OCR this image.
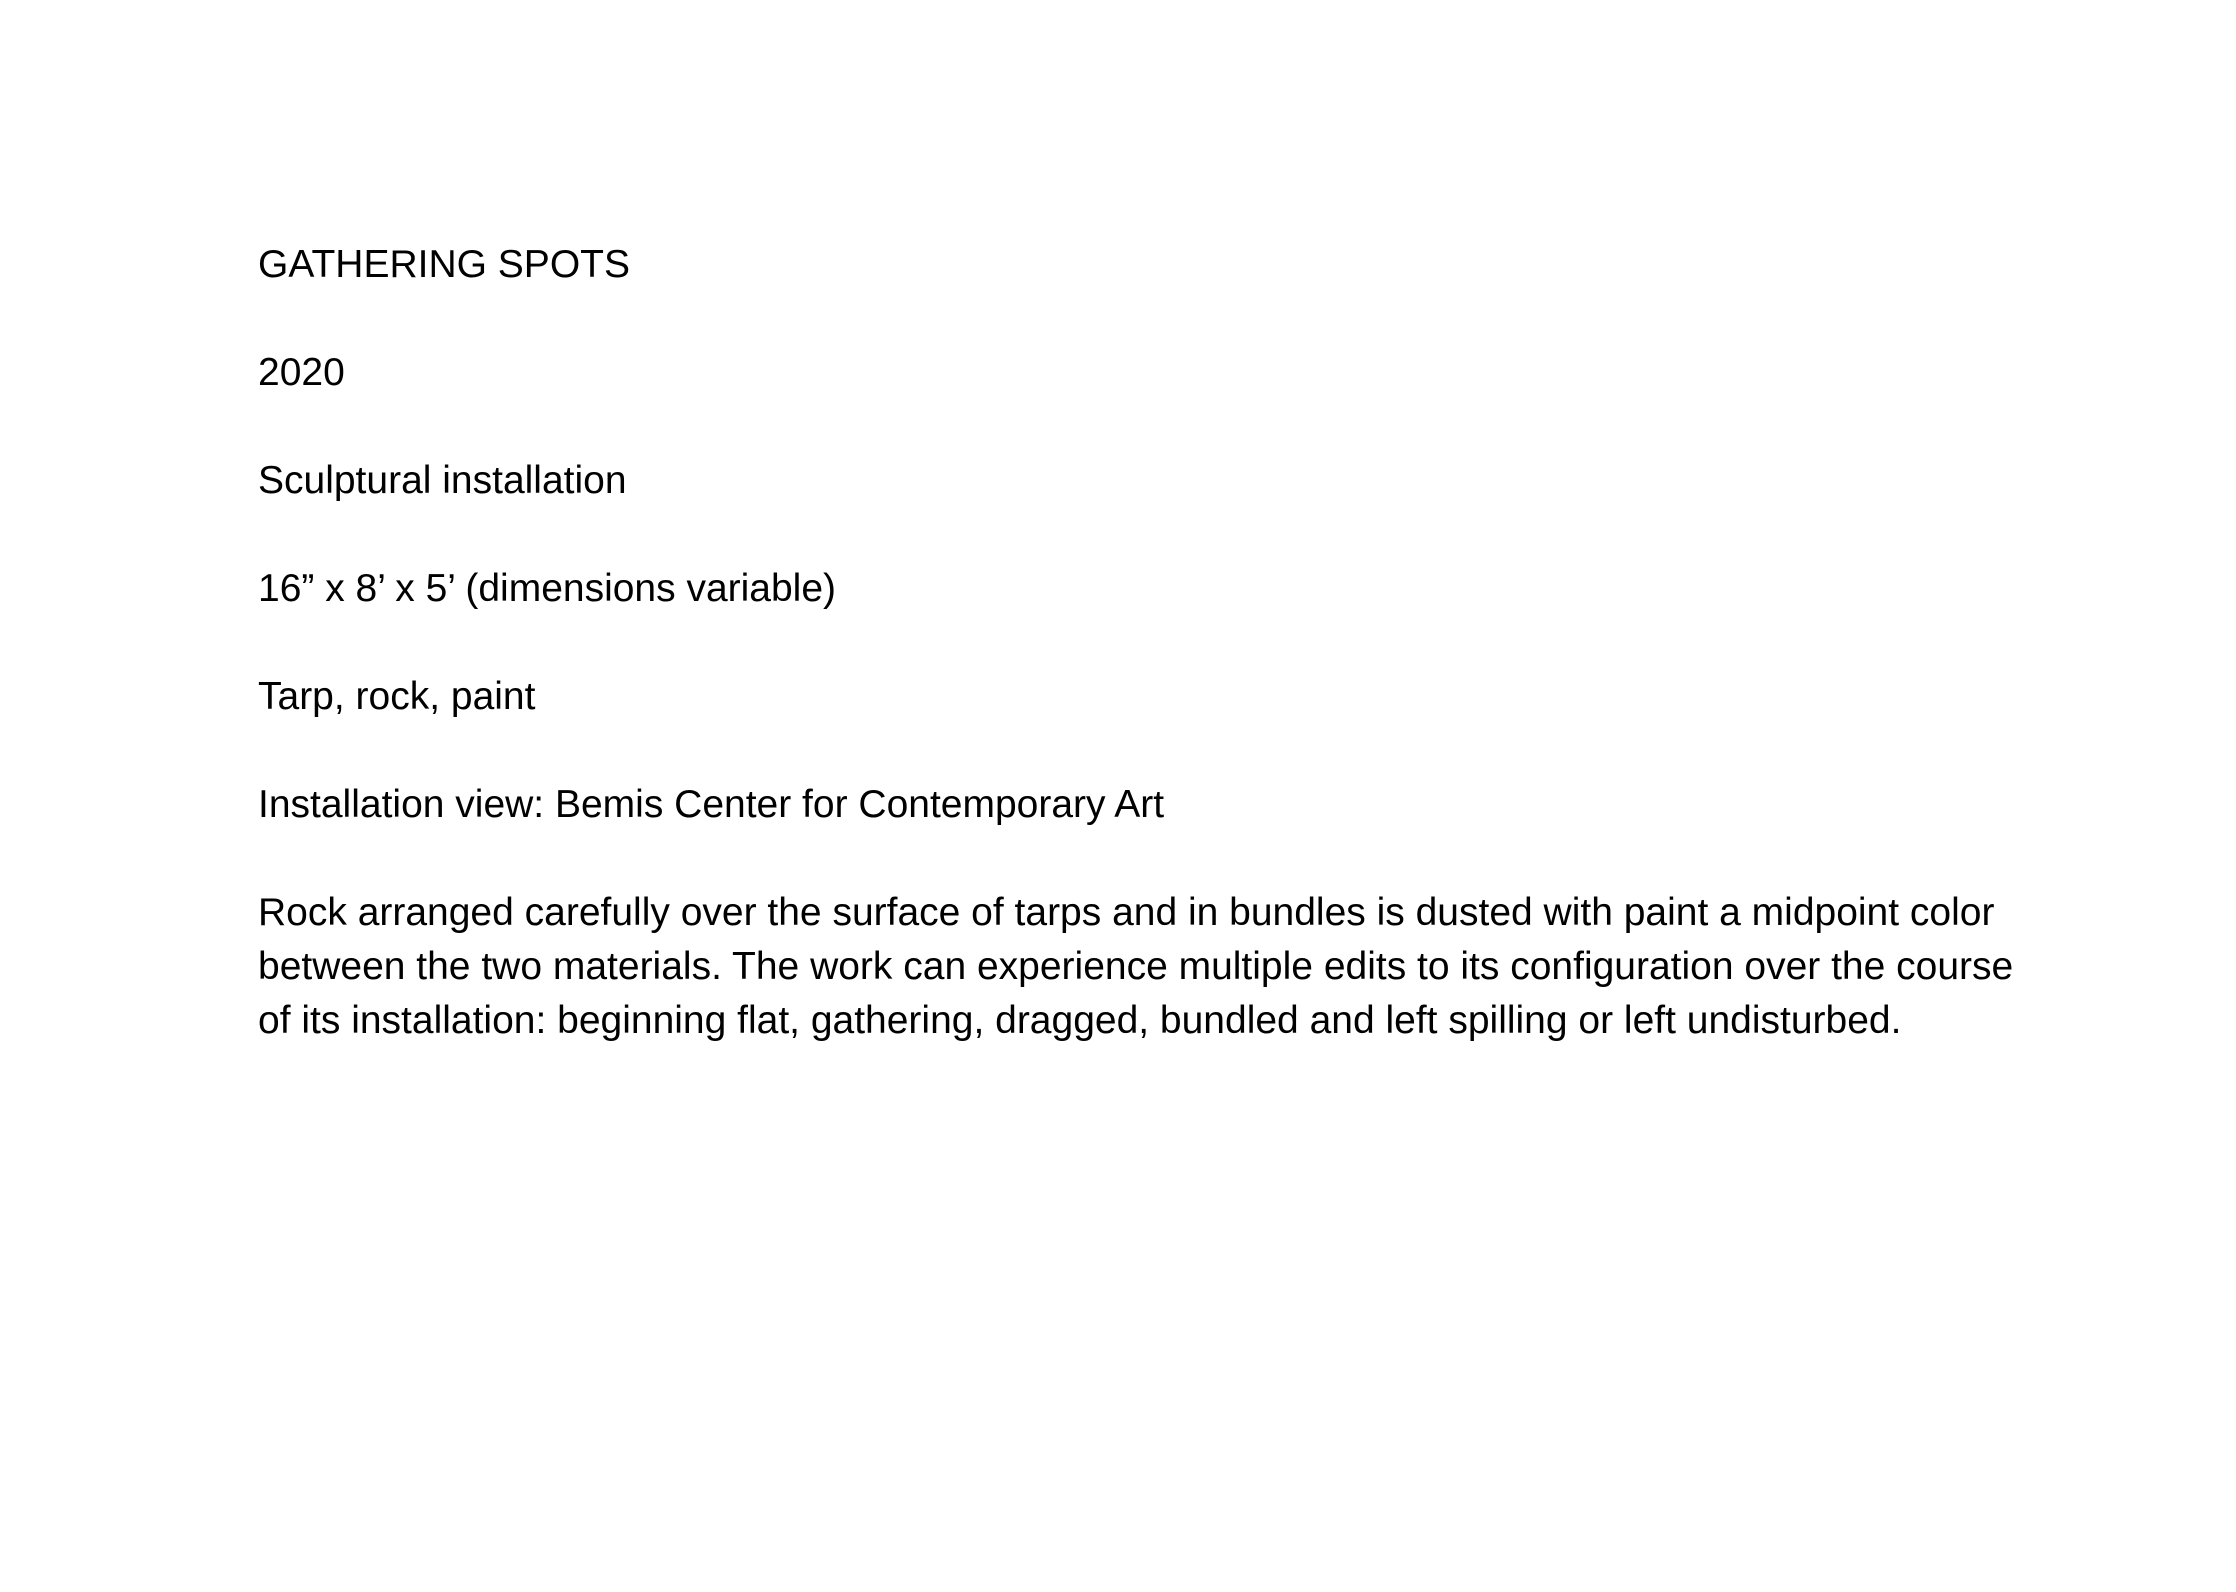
GATHERING SPOTS

2020

Sculptural installation

16” x 8’ x 5’ (dimensions variable)

Tarp, rock, paint

Installation view: Bemis Center for Contemporary Art

Rock arranged carefully over the surface of tarps and in bundles is dusted with paint a midpoint color between the two materials. The work can experience multiple edits to its configuration over the course of its installation: beginning flat, gathering, dragged, bundled and left spilling or left undisturbed.
